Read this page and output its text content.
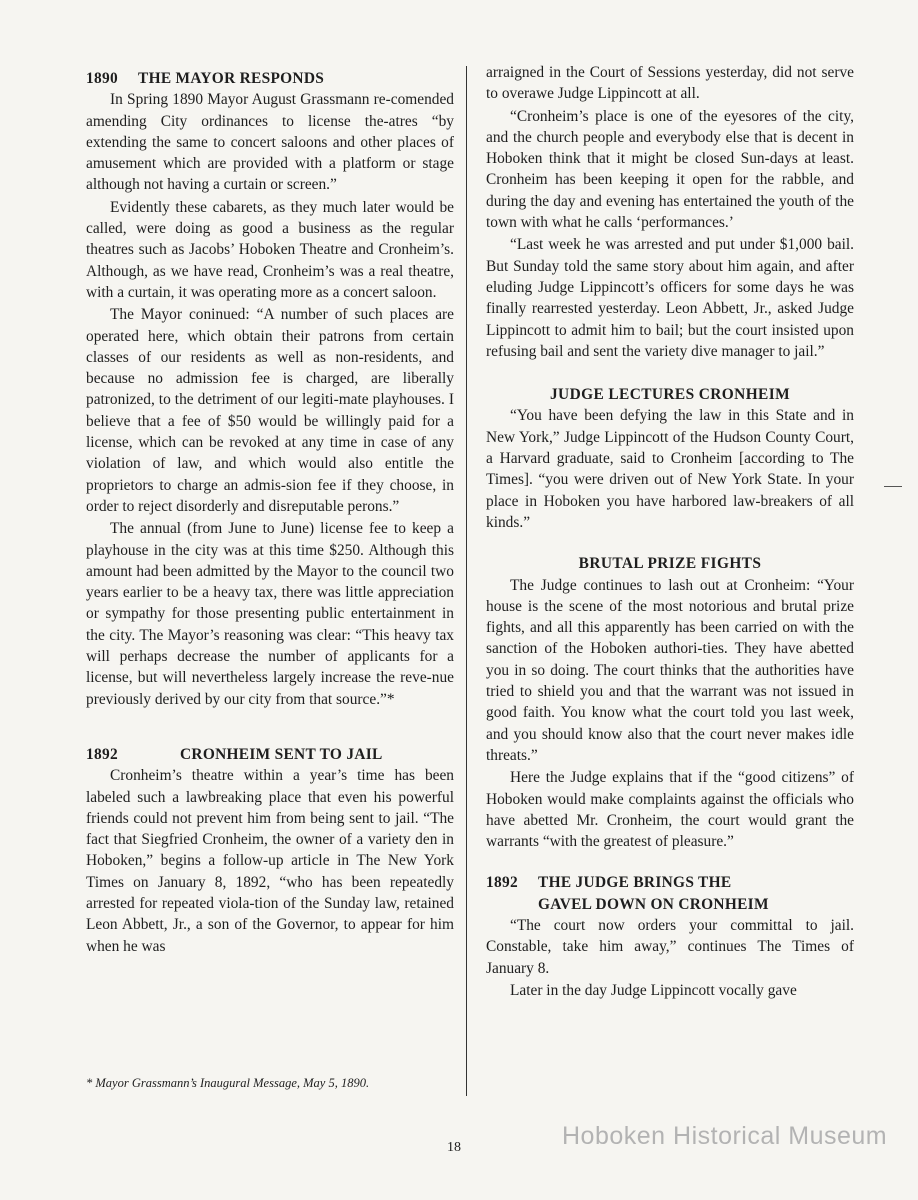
1890	THE MAYOR RESPONDS

In Spring 1890 Mayor August Grassmann re-comended amending City ordinances to license the-atres “by extending the same to concert saloons and other places of amusement which are provided with a platform or stage although not having a curtain or screen.”

Evidently these cabarets, as they much later would be called, were doing as good a business as the regular theatres such as Jacobs’ Hoboken Theatre and Cronheim’s. Although, as we have read, Cronheim’s was a real theatre, with a curtain, it was operating more as a concert saloon.

The Mayor coninued: “A number of such places are operated here, which obtain their patrons from certain classes of our residents as well as non-residents, and because no admission fee is charged, are liberally patronized, to the detriment of our legiti-mate playhouses. I believe that a fee of $50 would be willingly paid for a license, which can be revoked at any time in case of any violation of law, and which would also entitle the proprietors to charge an admis-sion fee if they choose, in order to reject disorderly and disreputable perons.”

The annual (from June to June) license fee to keep a playhouse in the city was at this time $250. Although this amount had been admitted by the Mayor to the council two years earlier to be a heavy tax, there was little appreciation or sympathy for those presenting public entertainment in the city. The Mayor’s reasoning was clear: “This heavy tax will perhaps decrease the number of applicants for a license, but will nevertheless largely increase the reve-nue previously derived by our city from that source.”*

1892	CRONHEIM SENT TO JAIL

Cronheim’s theatre within a year’s time has been labeled such a lawbreaking place that even his powerful friends could not prevent him from being sent to jail. “The fact that Siegfried Cronheim, the owner of a variety den in Hoboken,” begins a follow-up article in The New York Times on January 8, 1892, “who has been repeatedly arrested for repeated viola-tion of the Sunday law, retained Leon Abbett, Jr., a son of the Governor, to appear for him when he was

arraigned in the Court of Sessions yesterday, did not serve to overawe Judge Lippincott at all.

“Cronheim’s place is one of the eyesores of the city, and the church people and everybody else that is decent in Hoboken think that it might be closed Sun-days at least. Cronheim has been keeping it open for the rabble, and during the day and evening has entertained the youth of the town with what he calls ‘performances.’

“Last week he was arrested and put under $1,000 bail. But Sunday told the same story about him again, and after eluding Judge Lippincott’s officers for some days he was finally rearrested yesterday. Leon Abbett, Jr., asked Judge Lippincott to admit him to bail; but the court insisted upon refusing bail and sent the variety dive manager to jail.”

JUDGE LECTURES CRONHEIM

“You have been defying the law in this State and in New York,” Judge Lippincott of the Hudson County Court, a Harvard graduate, said to Cronheim [according to The Times]. “you were driven out of New York State. In your place in Hoboken you have harbored law-breakers of all kinds.”

BRUTAL PRIZE FIGHTS

The Judge continues to lash out at Cronheim: “Your house is the scene of the most notorious and brutal prize fights, and all this apparently has been carried on with the sanction of the Hoboken authori-ties. They have abetted you in so doing. The court thinks that the authorities have tried to shield you and that the warrant was not issued in good faith. You know what the court told you last week, and you should know also that the court never makes idle threats.”

Here the Judge explains that if the “good citizens” of Hoboken would make complaints against the officials who have abetted Mr. Cronheim, the court would grant the warrants “with the greatest of pleasure.”

1892	THE JUDGE BRINGS THE
GAVEL DOWN ON CRONHEIM

“The court now orders your committal to jail. Constable, take him away,” continues The Times of January 8.

Later in the day Judge Lippincott vocally gave

* Mayor Grassmann’s Inaugural Message, May 5, 1890.
18	Hoboken Historical Museum
